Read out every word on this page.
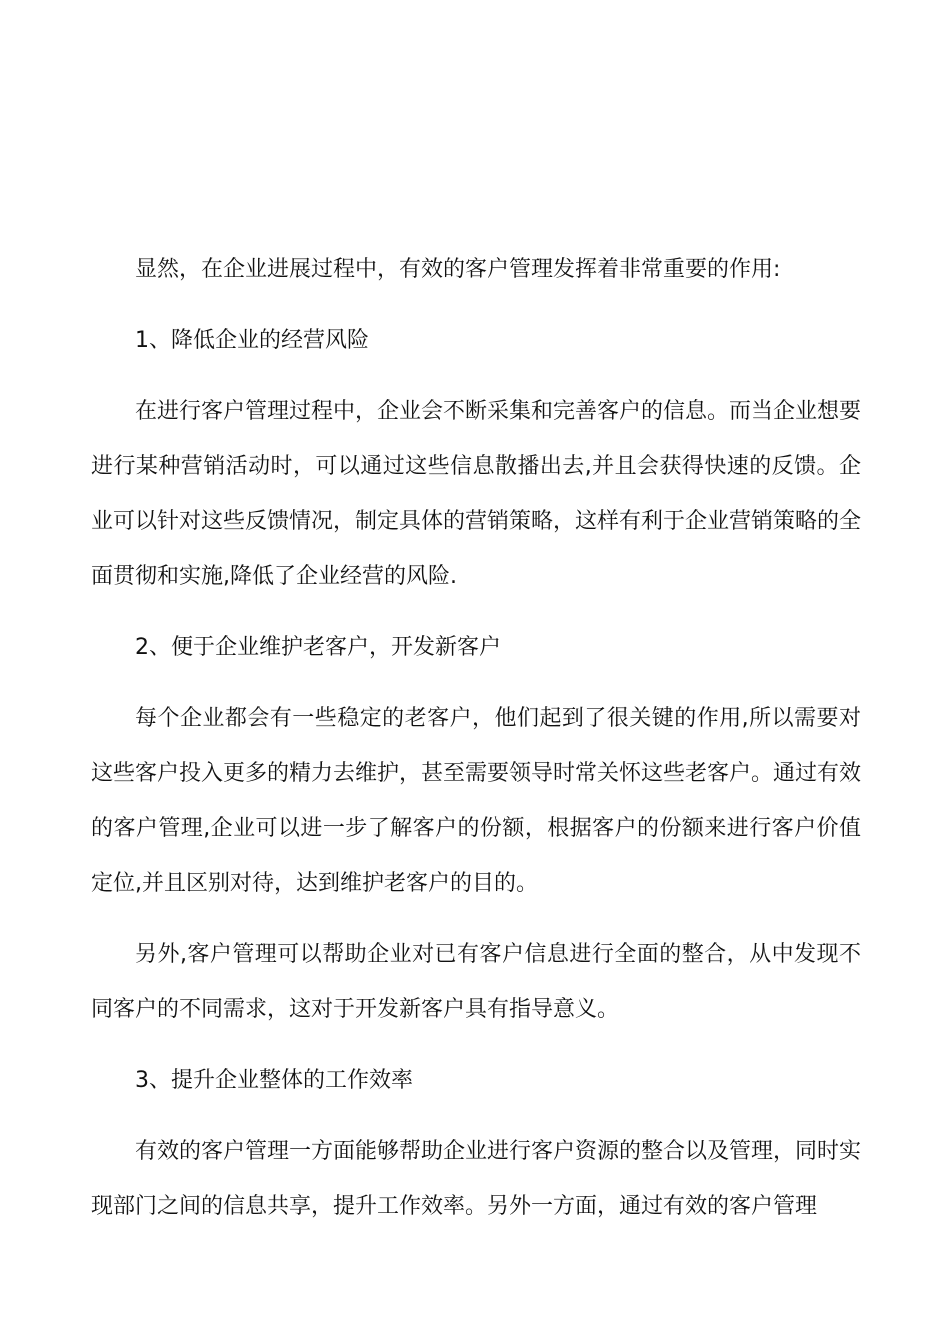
显然，在企业进展过程中，有效的客户管理发挥着非常重要的作用:

1、降低企业的经营风险

在进行客户管理过程中，企业会不断采集和完善客户的信息。而当企业想要进行某种营销活动时，可以通过这些信息散播出去,并且会获得快速的反馈。企业可以针对这些反馈情况，制定具体的营销策略，这样有利于企业营销策略的全面贯彻和实施,降低了企业经营的风险.

2、便于企业维护老客户，开发新客户

每个企业都会有一些稳定的老客户，他们起到了很关键的作用,所以需要对这些客户投入更多的精力去维护，甚至需要领导时常关怀这些老客户。通过有效的客户管理,企业可以进一步了解客户的份额，根据客户的份额来进行客户价值定位,并且区别对待，达到维护老客户的目的。

另外,客户管理可以帮助企业对已有客户信息进行全面的整合，从中发现不同客户的不同需求，这对于开发新客户具有指导意义。

3、提升企业整体的工作效率

有效的客户管理一方面能够帮助企业进行客户资源的整合以及管理，同时实现部门之间的信息共享，提升工作效率。另外一方面，通过有效的客户管理
